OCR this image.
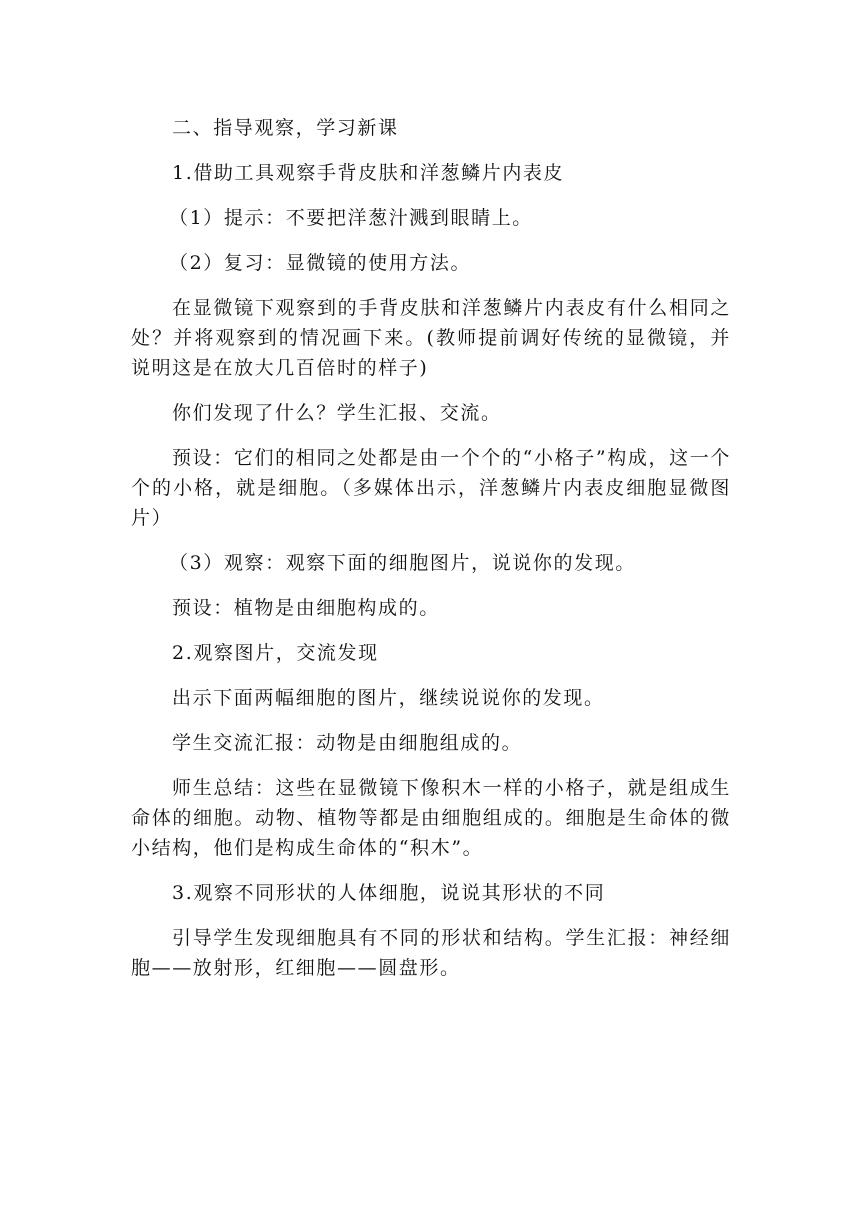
二、指导观察，学习新课

1.借助工具观察手背皮肤和洋葱鳞片内表皮

（1）提示：不要把洋葱汁溅到眼睛上。

（2）复习：显微镜的使用方法。

在显微镜下观察到的手背皮肤和洋葱鳞片内表皮有什么相同之处？并将观察到的情况画下来。(教师提前调好传统的显微镜，并说明这是在放大几百倍时的样子)

你们发现了什么？学生汇报、交流。

预设：它们的相同之处都是由一个个的“小格子”构成，这一个个的小格，就是细胞。（多媒体出示，洋葱鳞片内表皮细胞显微图片）

（3）观察：观察下面的细胞图片，说说你的发现。

预设：植物是由细胞构成的。

2.观察图片，交流发现

出示下面两幅细胞的图片，继续说说你的发现。

学生交流汇报：动物是由细胞组成的。

师生总结：这些在显微镜下像积木一样的小格子，就是组成生命体的细胞。动物、植物等都是由细胞组成的。细胞是生命体的微小结构，他们是构成生命体的“积木”。

3.观察不同形状的人体细胞，说说其形状的不同

引导学生发现细胞具有不同的形状和结构。学生汇报：神经细胞——放射形，红细胞——圆盘形。
